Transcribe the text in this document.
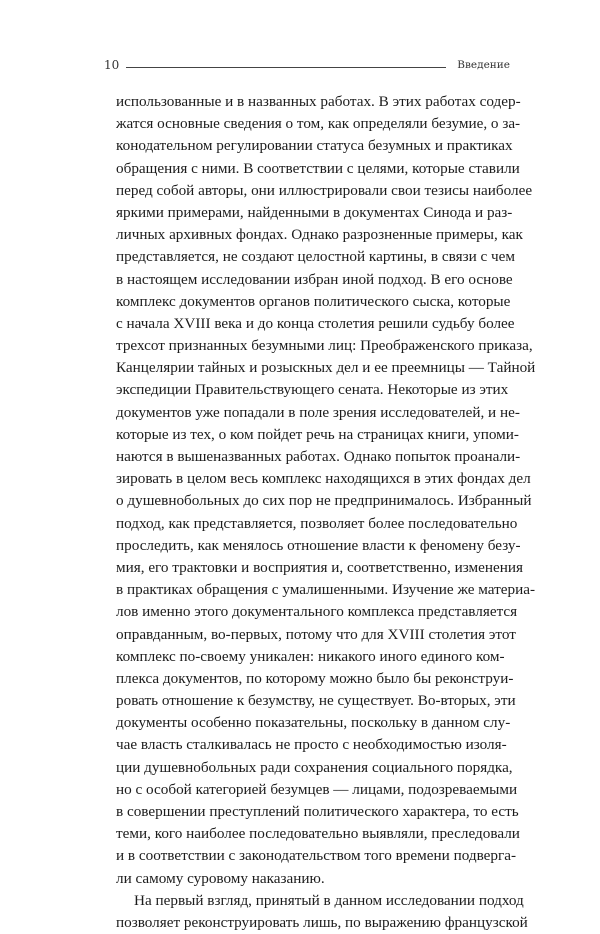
10	Введение
использованные и в названных работах. В этих работах содер-
жатся основные сведения о том, как определяли безумие, о за-
конодательном регулировании статуса безумных и практиках
обращения с ними. В соответствии с целями, которые ставили
перед собой авторы, они иллюстрировали свои тезисы наиболее
яркими примерами, найденными в документах Синода и раз-
личных архивных фондах. Однако разрозненные примеры, как
представляется, не создают целостной картины, в связи с чем
в настоящем исследовании избран иной подход. В его основе
комплекс документов органов политического сыска, которые
с начала XVIII века и до конца столетия решили судьбу более
трехсот признанных безумными лиц: Преображенского приказа,
Канцелярии тайных и розыскных дел и ее преемницы — Тайной
экспедиции Правительствующего сената. Некоторые из этих
документов уже попадали в поле зрения исследователей, и не-
которые из тех, о ком пойдет речь на страницах книги, упоми-
наются в вышеназванных работах. Однако попыток проанали-
зировать в целом весь комплекс находящихся в этих фондах дел
о душевнобольных до сих пор не предпринималось. Избранный
подход, как представляется, позволяет более последовательно
проследить, как менялось отношение власти к феномену безу-
мия, его трактовки и восприятия и, соответственно, изменения
в практиках обращения с умалишенными. Изучение же материа-
лов именно этого документального комплекса представляется
оправданным, во-первых, потому что для XVIII столетия этот
комплекс по-своему уникален: никакого иного единого ком-
плекса документов, по которому можно было бы реконструи-
ровать отношение к безумству, не существует. Во-вторых, эти
документы особенно показательны, поскольку в данном слу-
чае власть сталкивалась не просто с необходимостью изоля-
ции душевнобольных ради сохранения социального порядка,
но с особой категорией безумцев — лицами, подозреваемыми
в совершении преступлений политического характера, то есть
теми, кого наиболее последовательно выявляли, преследовали
и в соответствии с законодательством того времени подверга-
ли самому суровому наказанию.
На первый взгляд, принятый в данном исследовании подход
позволяет реконструировать лишь, по выражению французской
